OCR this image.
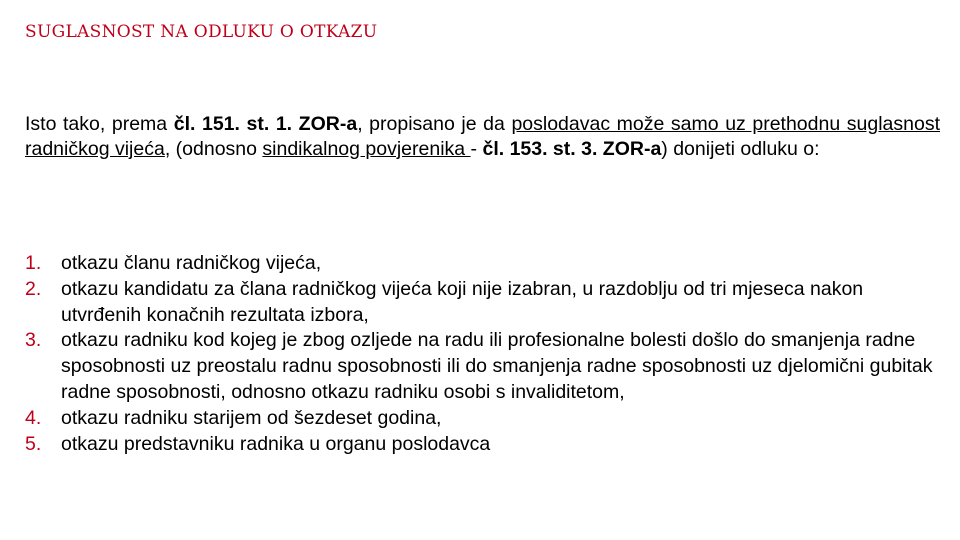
SUGLASNOST NA ODLUKU O OTKAZU
Isto tako, prema čl. 151. st. 1. ZOR-a, propisano je da poslodavac može samo uz prethodnu suglasnost radničkog vijeća, (odnosno sindikalnog povjerenika - čl. 153. st. 3. ZOR-a) donijeti odluku o:
1. otkazu članu radničkog vijeća,
2. otkazu kandidatu za člana radničkog vijeća koji nije izabran, u razdoblju od tri mjeseca nakon utvrđenih konačnih rezultata izbora,
3. otkazu radniku kod kojeg je zbog ozljede na radu ili profesionalne bolesti došlo do smanjenja radne sposobnosti uz preostalu radnu sposobnosti ili do smanjenja radne sposobnosti uz djelomični gubitak radne sposobnosti, odnosno otkazu radniku osobi s invaliditetom,
4. otkazu radniku starijem od šezdeset godina,
5. otkazu predstavniku radnika u organu poslodavca
